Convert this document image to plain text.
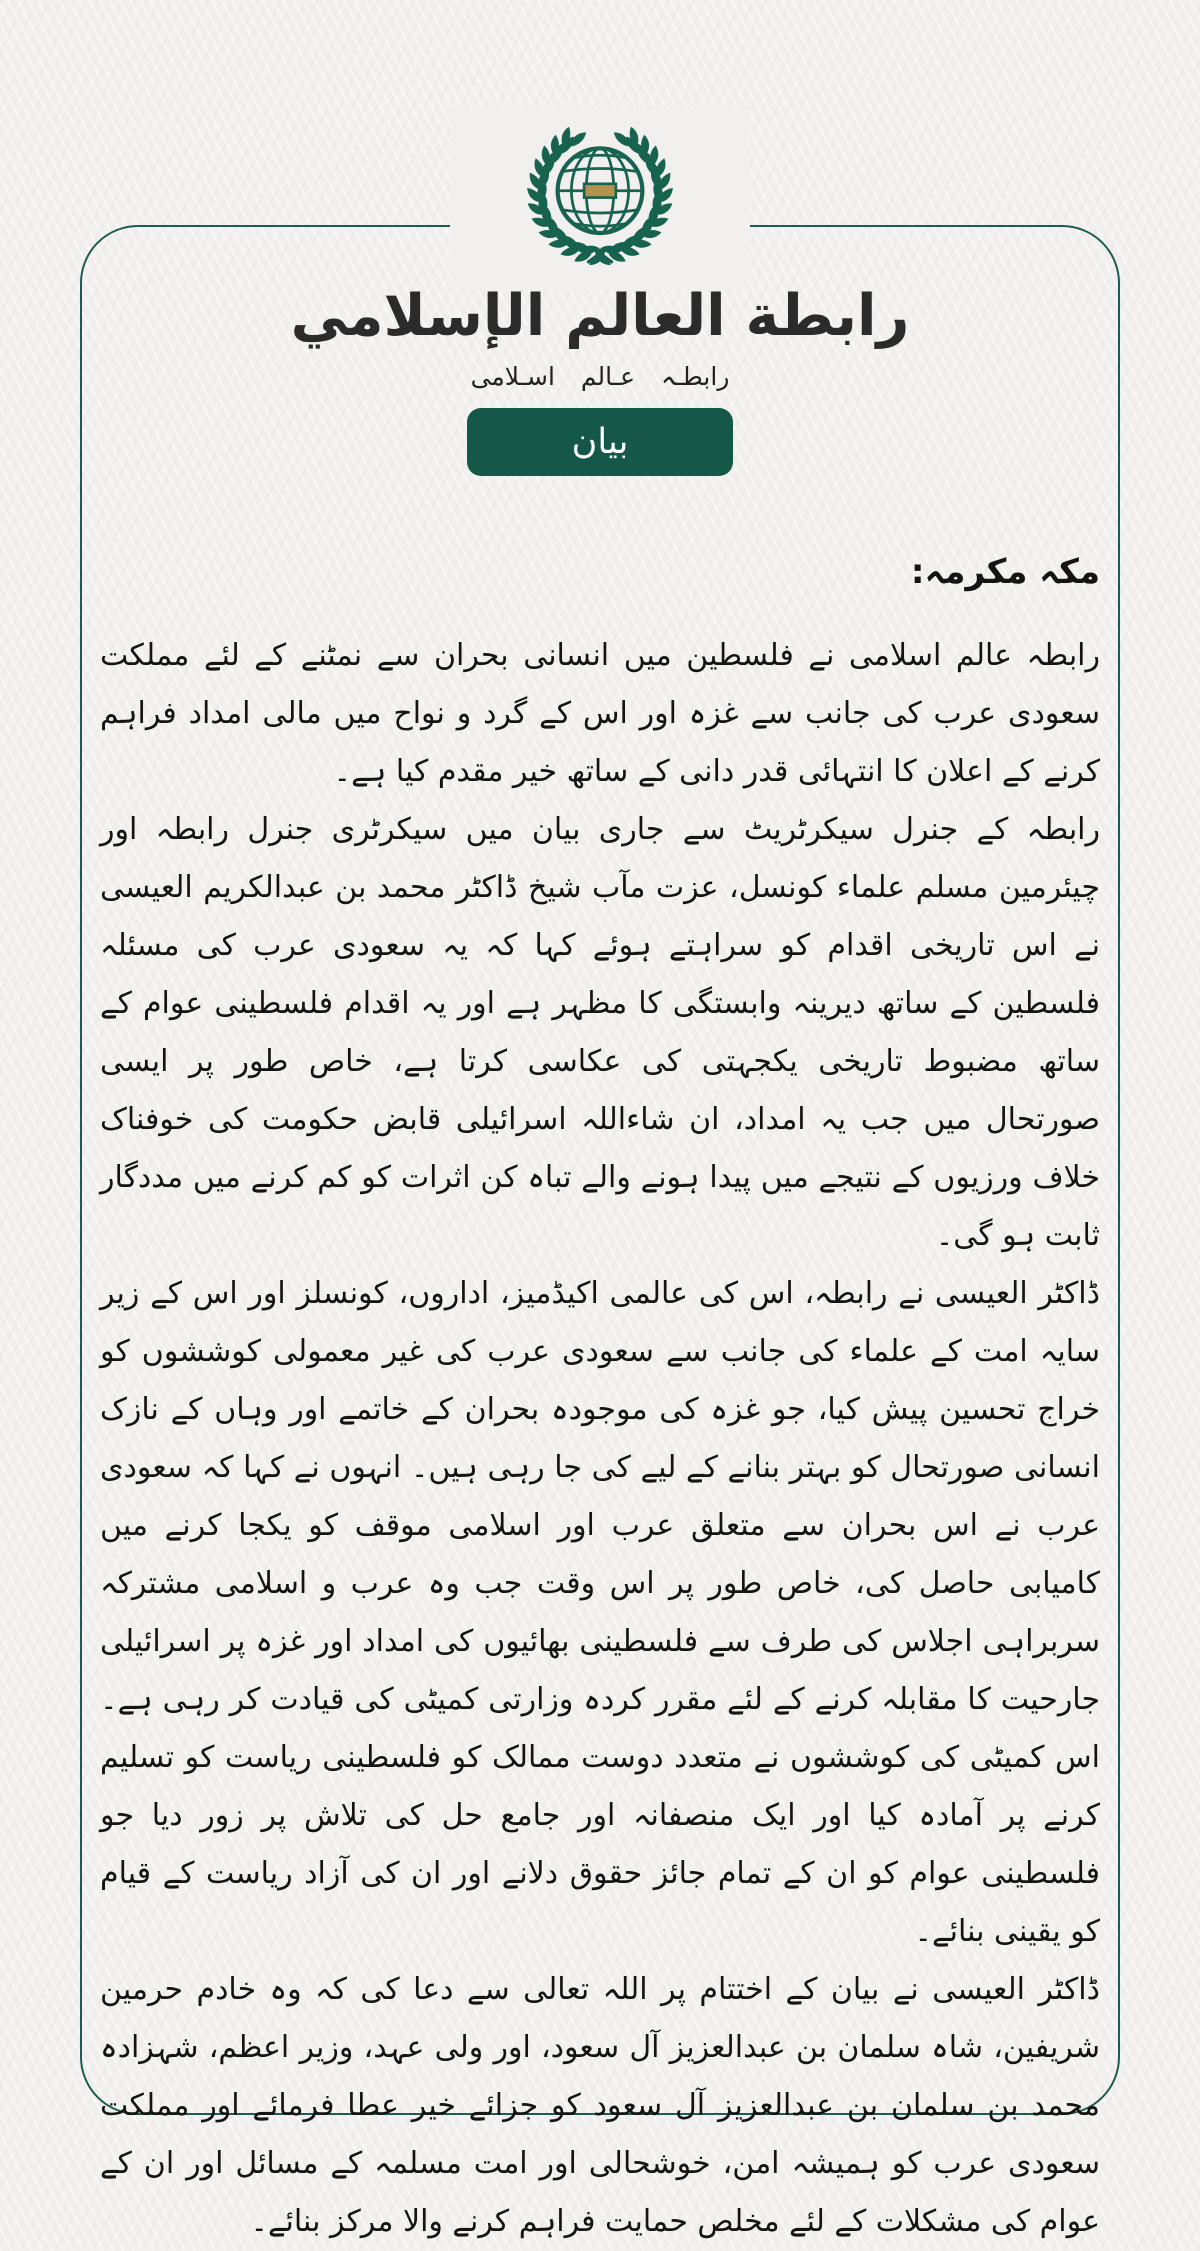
رابطة العالم الإسلامي
رابطـہ عـالم اسـلامی
بيان

مکہ مکرمہ:

رابطہ عالم اسلامی نے فلسطین میں انسانی بحران سے نمٹنے کے لئے مملکت سعودی عرب کی جانب سے غزہ اور اس کے گرد و نواح میں مالی امداد فراہم کرنے کے اعلان کا انتہائی قدر دانی کے ساتھ خیر مقدم کیا ہے۔

رابطہ کے جنرل سیکرٹریٹ سے جاری بیان میں سیکرٹری جنرل رابطہ اور چیئرمین مسلم علماء کونسل، عزت مآب شیخ ڈاکٹر محمد بن عبدالکریم العیسی نے اس تاریخی اقدام کو سراہتے ہوئے کہا کہ یہ سعودی عرب کی مسئلہ فلسطین کے ساتھ دیرینہ وابستگی کا مظہر ہے اور یہ اقدام فلسطینی عوام کے ساتھ مضبوط تاریخی یکجہتی کی عکاسی کرتا ہے، خاص طور پر ایسی صورتحال میں جب یہ امداد، ان شاءاللہ اسرائیلی قابض حکومت کی خوفناک خلاف ورزیوں کے نتیجے میں پیدا ہونے والے تباہ کن اثرات کو کم کرنے میں مددگار ثابت ہو گی۔

ڈاکٹر العیسی نے رابطہ، اس کی عالمی اکیڈمیز، اداروں، کونسلز اور اس کے زیر سایہ امت کے علماء کی جانب سے سعودی عرب کی غیر معمولی کوششوں کو خراج تحسین پیش کیا، جو غزہ کی موجودہ بحران کے خاتمے اور وہاں کے نازک انسانی صورتحال کو بہتر بنانے کے لیے کی جا رہی ہیں۔ انہوں نے کہا کہ سعودی عرب نے اس بحران سے متعلق عرب اور اسلامی موقف کو یکجا کرنے میں کامیابی حاصل کی، خاص طور پر اس وقت جب وہ عرب و اسلامی مشترکہ سربراہی اجلاس کی طرف سے فلسطینی بھائیوں کی امداد اور غزہ پر اسرائیلی جارحیت کا مقابلہ کرنے کے لئے مقرر کردہ وزارتی کمیٹی کی قیادت کر رہی ہے۔ اس کمیٹی کی کوششوں نے متعدد دوست ممالک کو فلسطینی ریاست کو تسلیم کرنے پر آمادہ کیا اور ایک منصفانہ اور جامع حل کی تلاش پر زور دیا جو فلسطینی عوام کو ان کے تمام جائز حقوق دلانے اور ان کی آزاد ریاست کے قیام کو یقینی بنائے۔

ڈاکٹر العیسی نے بیان کے اختتام پر اللہ تعالی سے دعا کی کہ وہ خادم حرمین شریفین، شاہ سلمان بن عبدالعزیز آل سعود، اور ولی عہد، وزیر اعظم، شہزادہ محمد بن سلمان بن عبدالعزیز آل سعود کو جزائے خیر عطا فرمائے اور مملکت سعودی عرب کو ہمیشہ امن، خوشحالی اور امت مسلمہ کے مسائل اور ان کے عوام کی مشکلات کے لئے مخلص حمایت فراہم کرنے والا مرکز بنائے۔
